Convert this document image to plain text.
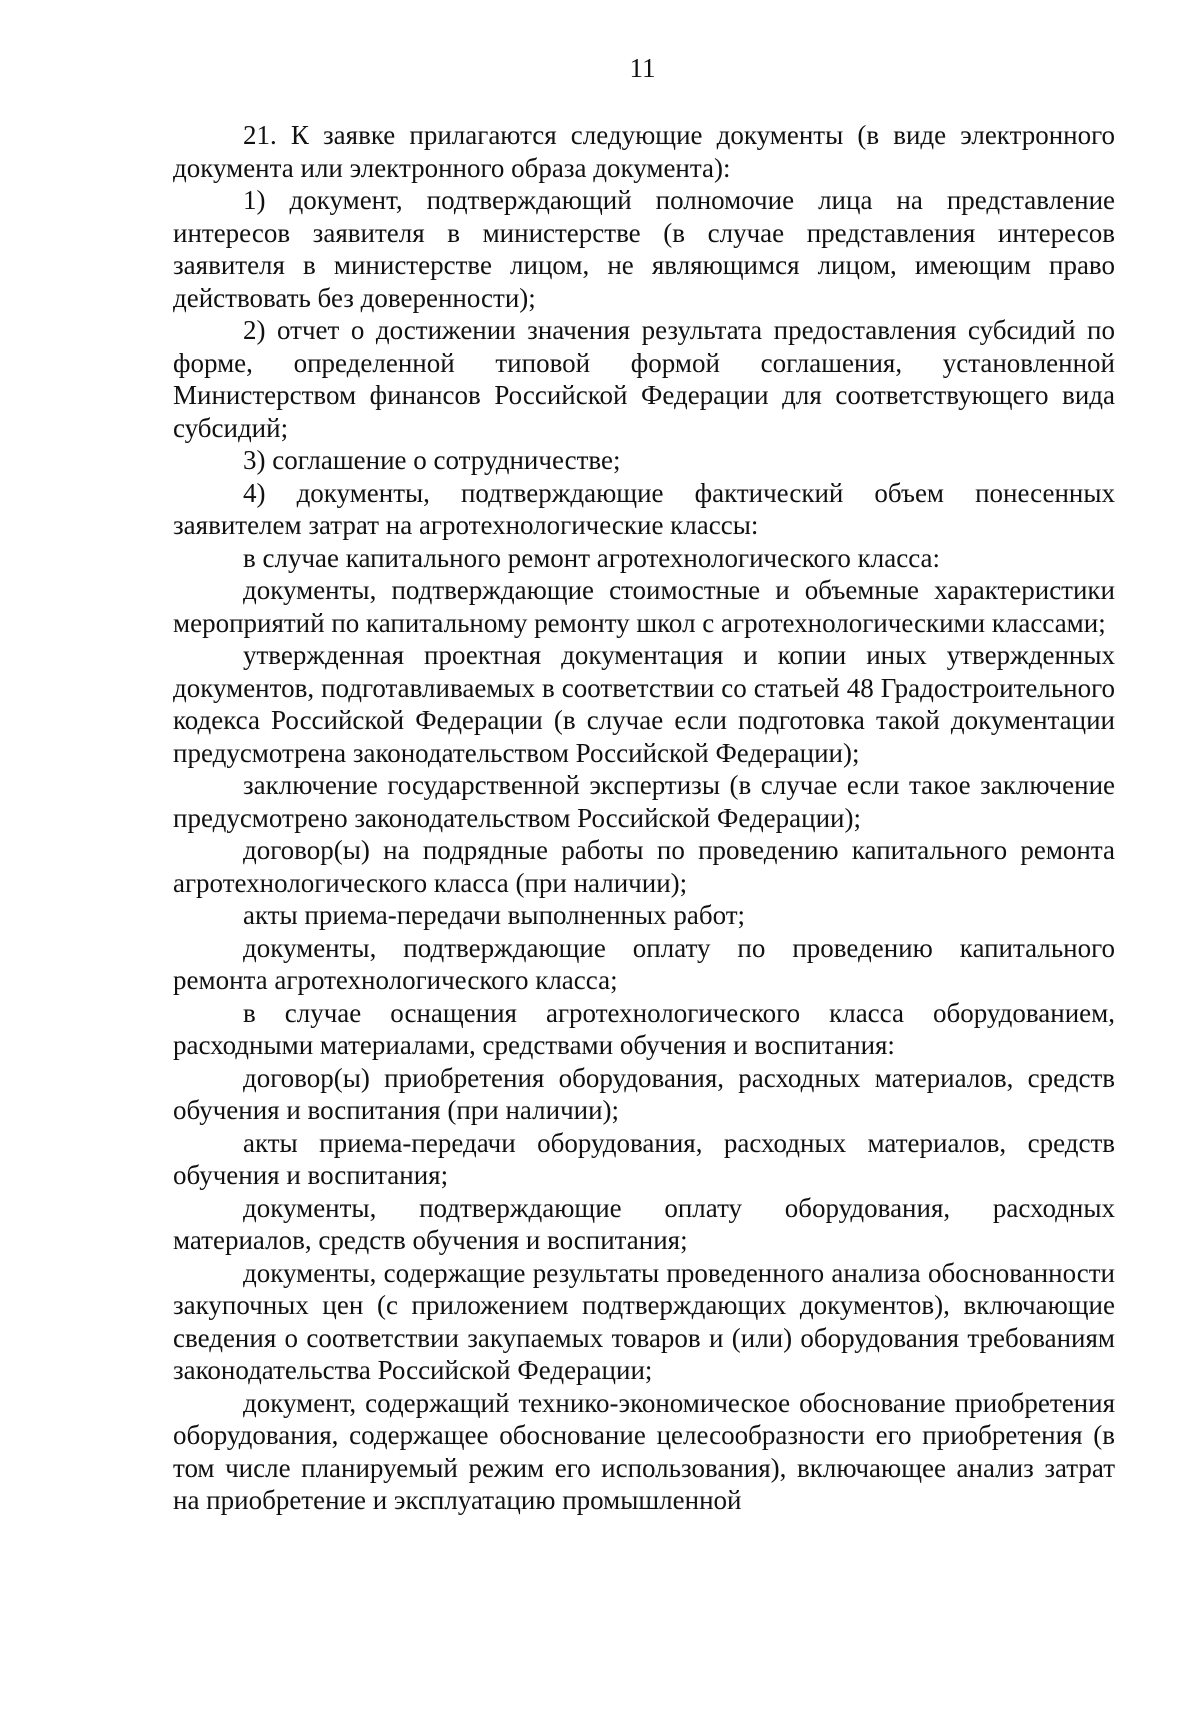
11

21. К заявке прилагаются следующие документы (в виде электронного документа или электронного образа документа):

1) документ, подтверждающий полномочие лица на представление интересов заявителя в министерстве (в случае представления интересов заявителя в министерстве лицом, не являющимся лицом, имеющим право действовать без доверенности);

2) отчет о достижении значения результата предоставления субсидий по форме, определенной типовой формой соглашения, установленной Министерством финансов Российской Федерации для соответствующего вида субсидий;

3) соглашение о сотрудничестве;

4) документы, подтверждающие фактический объем понесенных заявителем затрат на агротехнологические классы:

в случае капитального ремонт агротехнологического класса:

документы, подтверждающие стоимостные и объемные характеристики мероприятий по капитальному ремонту школ с агротехнологическими классами;

утвержденная проектная документация и копии иных утвержденных документов, подготавливаемых в соответствии со статьей 48 Градостроительного кодекса Российской Федерации (в случае если подготовка такой документации предусмотрена законодательством Российской Федерации);

заключение государственной экспертизы (в случае если такое заключение предусмотрено законодательством Российской Федерации);

договор(ы) на подрядные работы по проведению капитального ремонта агротехнологического класса (при наличии);

акты приема-передачи выполненных работ;

документы, подтверждающие оплату по проведению капитального ремонта агротехнологического класса;

в случае оснащения агротехнологического класса оборудованием, расходными материалами, средствами обучения и воспитания:

договор(ы) приобретения оборудования, расходных материалов, средств обучения и воспитания (при наличии);

акты приема-передачи оборудования, расходных материалов, средств обучения и воспитания;

документы, подтверждающие оплату оборудования, расходных материалов, средств обучения и воспитания;

документы, содержащие результаты проведенного анализа обоснованности закупочных цен (с приложением подтверждающих документов), включающие сведения о соответствии закупаемых товаров и (или) оборудования требованиям законодательства Российской Федерации;

документ, содержащий технико-экономическое обоснование приобретения оборудования, содержащее обоснование целесообразности его приобретения (в том числе планируемый режим его использования), включающее анализ затрат на приобретение и эксплуатацию промышленной
